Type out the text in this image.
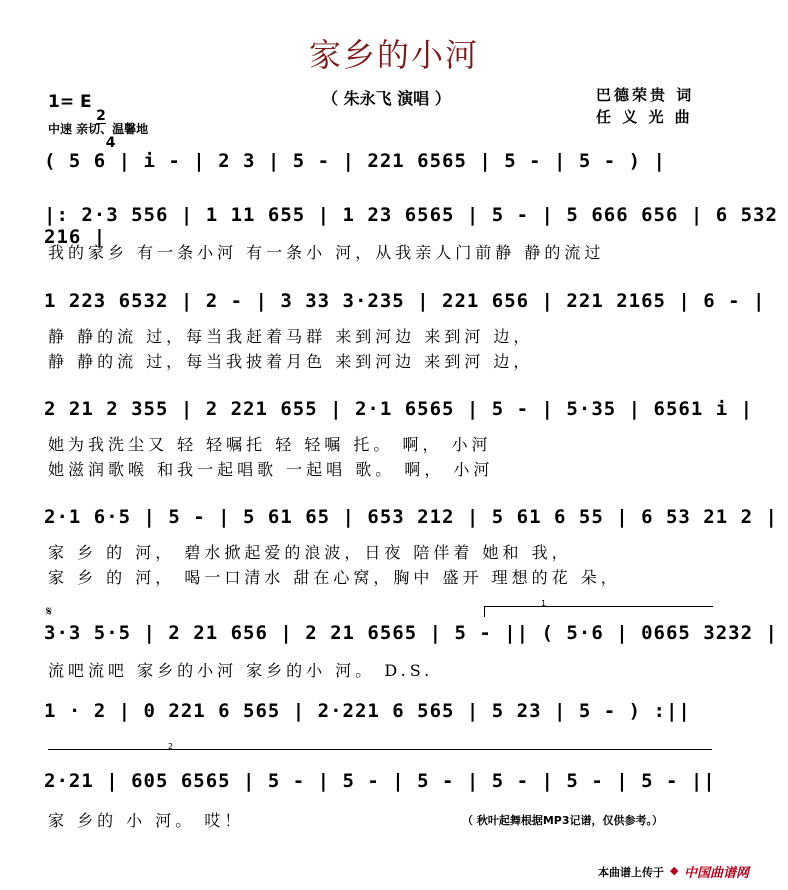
家乡的小河
（ 朱永飞 演唱 ）
1= E

2

4

中速 亲切、温馨地
巴德荣贵 词
任 义 光 曲
( 5 6 | i - | 2 3 | 5 - | 221 6565 | 5 - | 5 - ) |
|: 2·3 556 | 1 11 655 | 1 23 6565 | 5 - | 5 666 656 | 6 532 216 |
我的家乡 有一条小河 有一条小 河，从我亲人门前静 静的流过
1 223 6532 | 2 - | 3 33 3·235 | 221 656 | 221 2165 | 6 - |
静 静的流 过，每当我赶着马群 来到河边 来到河 边，
静 静的流 过，每当我披着月色 来到河边 来到河 边，
2 21 2 355 | 2 221 655 | 2·1 6565 | 5 - | 5·35 | 6561 i |
她为我洗尘又 轻 轻嘱托 轻 轻嘱 托。 啊， 小河
她滋润歌喉 和我一起唱歌 一起唱 歌。 啊， 小河
2·1 6·5 | 5 - | 5 61 65 | 653 212 | 5 61 6 55 | 6 53 21 2 |
家 乡 的 河， 碧水掀起爱的浪波，日夜 陪伴着 她和 我，
家 乡 的 河， 喝一口清水 甜在心窝，胸中 盛开 理想的花 朵，
𝄋
1
3·3 5·5 | 2 21 656 | 2 21 6565 | 5 - || ( 5·6 | 0665 3232 |
流吧流吧 家乡的小河 家乡的小 河。 D.S.
1 · 2 | 0 221 6 565 | 2·221 6 565 | 5 23 | 5 - ) :||
2
2·21 | 605 6565 | 5 - | 5 - | 5 - | 5 - | 5 - | 5 - ||
家 乡的 小 河。 哎！	（ 秋叶起舞根据MP3记谱，仅供参考。）
本曲谱上传于 ◆ 中国曲谱网
